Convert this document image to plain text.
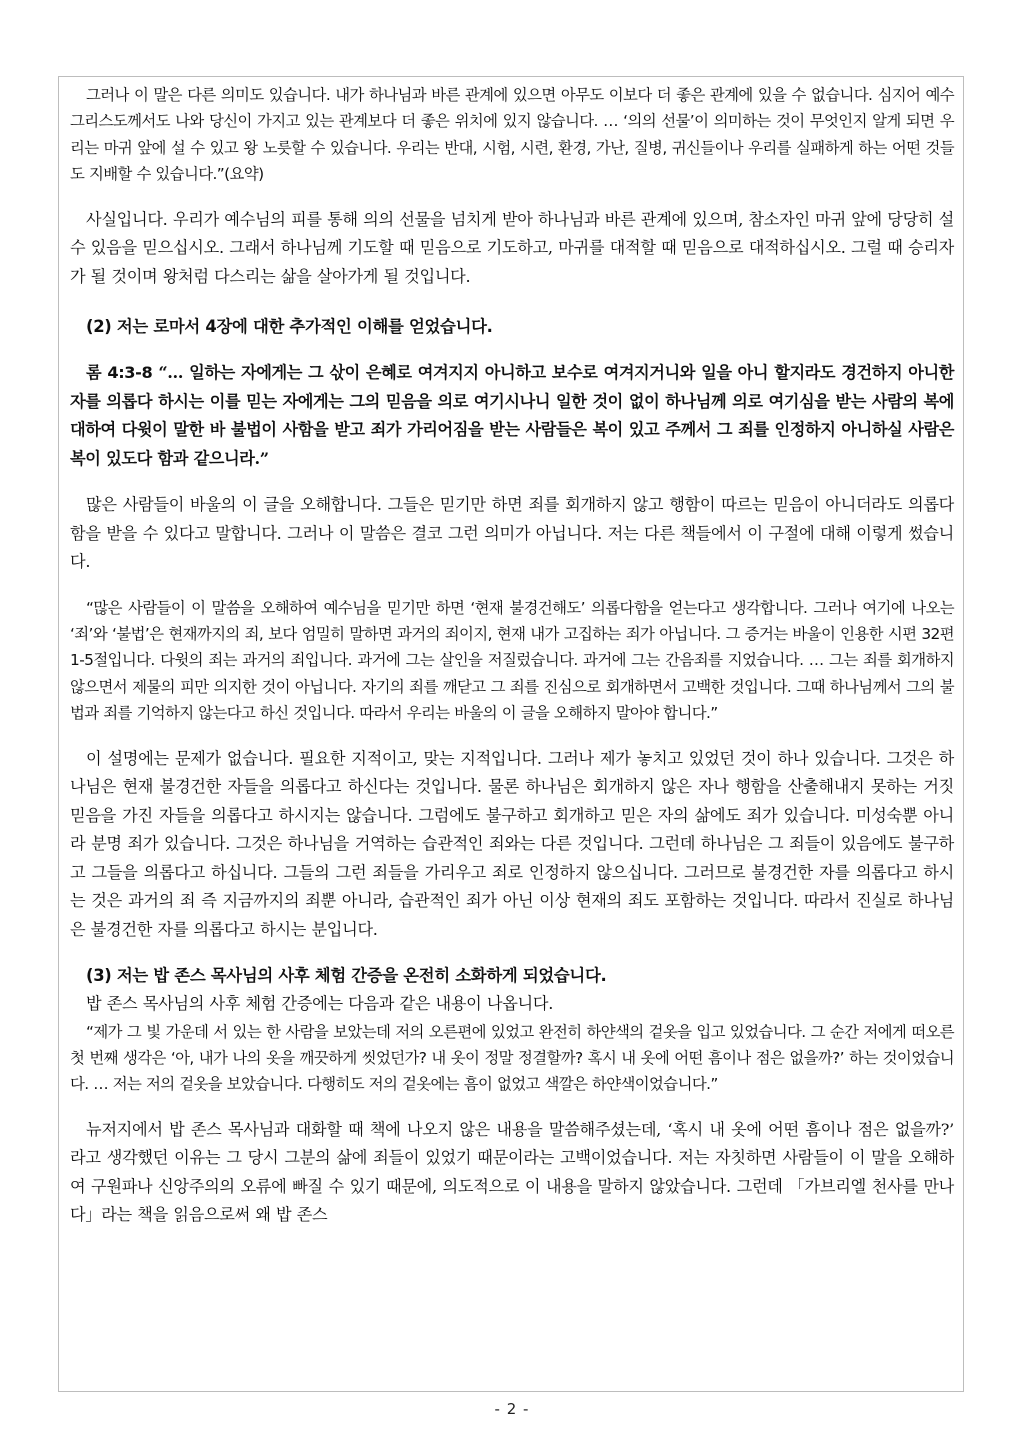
그러나 이 말은 다른 의미도 있습니다. 내가 하나님과 바른 관계에 있으면 아무도 이보다 더 좋은 관계에 있을 수 없습니다. 심지어 예수 그리스도께서도 나와 당신이 가지고 있는 관계보다 더 좋은 위치에 있지 않습니다. … ‘의의 선물’이 의미하는 것이 무엇인지 알게 되면 우리는 마귀 앞에 설 수 있고 왕 노릇할 수 있습니다. 우리는 반대, 시험, 시련, 환경, 가난, 질병, 귀신들이나 우리를 실패하게 하는 어떤 것들도 지배할 수 있습니다.”(요약)

사실입니다. 우리가 예수님의 피를 통해 의의 선물을 넘치게 받아 하나님과 바른 관계에 있으며, 참소자인 마귀 앞에 당당히 설 수 있음을 믿으십시오. 그래서 하나님께 기도할 때 믿음으로 기도하고, 마귀를 대적할 때 믿음으로 대적하십시오. 그럴 때 승리자가 될 것이며 왕처럼 다스리는 삶을 살아가게 될 것입니다.

(2) 저는 로마서 4장에 대한 추가적인 이해를 얻었습니다.

롬 4:3-8 “… 일하는 자에게는 그 삯이 은혜로 여겨지지 아니하고 보수로 여겨지거니와 일을 아니 할지라도 경건하지 아니한 자를 의롭다 하시는 이를 믿는 자에게는 그의 믿음을 의로 여기시나니 일한 것이 없이 하나님께 의로 여기심을 받는 사람의 복에 대하여 다윗이 말한 바 불법이 사함을 받고 죄가 가리어짐을 받는 사람들은 복이 있고 주께서 그 죄를 인정하지 아니하실 사람은 복이 있도다 함과 같으니라.”

많은 사람들이 바울의 이 글을 오해합니다. 그들은 믿기만 하면 죄를 회개하지 않고 행함이 따르는 믿음이 아니더라도 의롭다함을 받을 수 있다고 말합니다. 그러나 이 말씀은 결코 그런 의미가 아닙니다. 저는 다른 책들에서 이 구절에 대해 이렇게 썼습니다.

“많은 사람들이 이 말씀을 오해하여 예수님을 믿기만 하면 ‘현재 불경건해도’ 의롭다함을 얻는다고 생각합니다. 그러나 여기에 나오는 ‘죄’와 ‘불법’은 현재까지의 죄, 보다 엄밀히 말하면 과거의 죄이지, 현재 내가 고집하는 죄가 아닙니다. 그 증거는 바울이 인용한 시편 32편 1-5절입니다. 다윗의 죄는 과거의 죄입니다. 과거에 그는 살인을 저질렀습니다. 과거에 그는 간음죄를 지었습니다. … 그는 죄를 회개하지 않으면서 제물의 피만 의지한 것이 아닙니다. 자기의 죄를 깨닫고 그 죄를 진심으로 회개하면서 고백한 것입니다. 그때 하나님께서 그의 불법과 죄를 기억하지 않는다고 하신 것입니다. 따라서 우리는 바울의 이 글을 오해하지 말아야 합니다.”

이 설명에는 문제가 없습니다. 필요한 지적이고, 맞는 지적입니다. 그러나 제가 놓치고 있었던 것이 하나 있습니다. 그것은 하나님은 현재 불경건한 자들을 의롭다고 하신다는 것입니다. 물론 하나님은 회개하지 않은 자나 행함을 산출해내지 못하는 거짓 믿음을 가진 자들을 의롭다고 하시지는 않습니다. 그럼에도 불구하고 회개하고 믿은 자의 삶에도 죄가 있습니다. 미성숙뿐 아니라 분명 죄가 있습니다. 그것은 하나님을 거역하는 습관적인 죄와는 다른 것입니다. 그런데 하나님은 그 죄들이 있음에도 불구하고 그들을 의롭다고 하십니다. 그들의 그런 죄들을 가리우고 죄로 인정하지 않으십니다. 그러므로 불경건한 자를 의롭다고 하시는 것은 과거의 죄 즉 지금까지의 죄뿐 아니라, 습관적인 죄가 아닌 이상 현재의 죄도 포함하는 것입니다. 따라서 진실로 하나님은 불경건한 자를 의롭다고 하시는 분입니다.

(3) 저는 밥 존스 목사님의 사후 체험 간증을 온전히 소화하게 되었습니다.

밥 존스 목사님의 사후 체험 간증에는 다음과 같은 내용이 나옵니다.

“제가 그 빛 가운데 서 있는 한 사람을 보았는데 저의 오른편에 있었고 완전히 하얀색의 겉옷을 입고 있었습니다. 그 순간 저에게 떠오른 첫 번째 생각은 ‘아, 내가 나의 옷을 깨끗하게 씻었던가? 내 옷이 정말 정결할까? 혹시 내 옷에 어떤 흠이나 점은 없을까?’ 하는 것이었습니다. … 저는 저의 겉옷을 보았습니다. 다행히도 저의 겉옷에는 흠이 없었고 색깔은 하얀색이었습니다.”

뉴저지에서 밥 존스 목사님과 대화할 때 책에 나오지 않은 내용을 말씀해주셨는데, ‘혹시 내 옷에 어떤 흠이나 점은 없을까?’ 라고 생각했던 이유는 그 당시 그분의 삶에 죄들이 있었기 때문이라는 고백이었습니다. 저는 자칫하면 사람들이 이 말을 오해하여 구원파나 신앙주의의 오류에 빠질 수 있기 때문에, 의도적으로 이 내용을 말하지 않았습니다. 그런데 「가브리엘 천사를 만나다」라는 책을 읽음으로써 왜 밥 존스

- 2 -
